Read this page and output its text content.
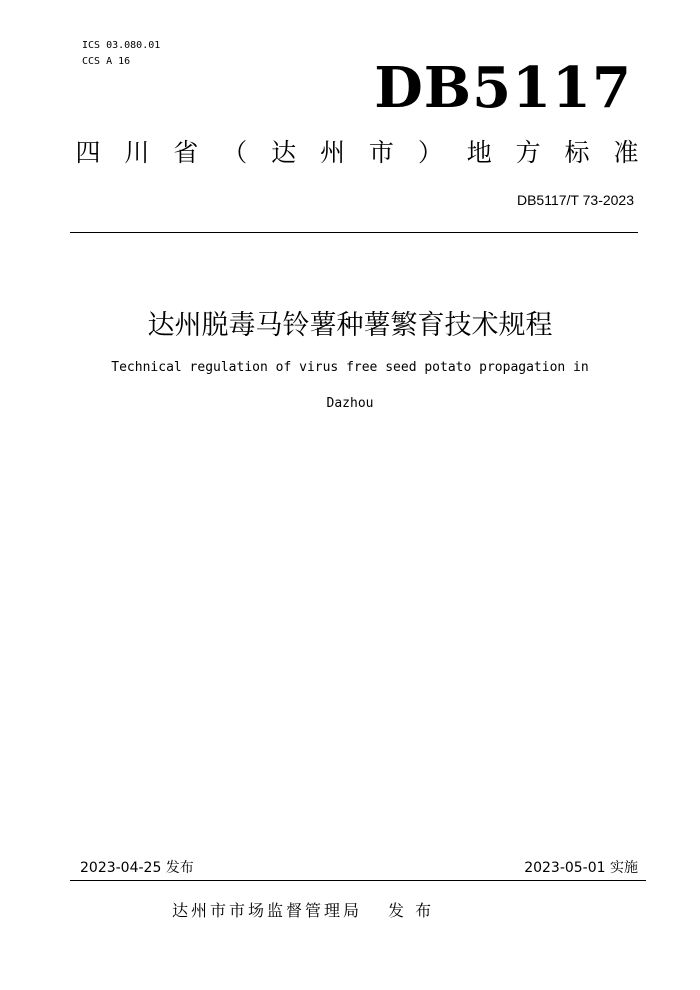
ICS 03.080.01
CCS A 16	DB5117
四 川 省 （ 达 州 市 ） 地 方 标 准
DB5117/T 73-2023
达州脱毒马铃薯种薯繁育技术规程
Technical regulation of virus free seed potato propagation in
Dazhou
2023-04-25 发布	2023-05-01 实施
达州市市场监督管理局 发 布
